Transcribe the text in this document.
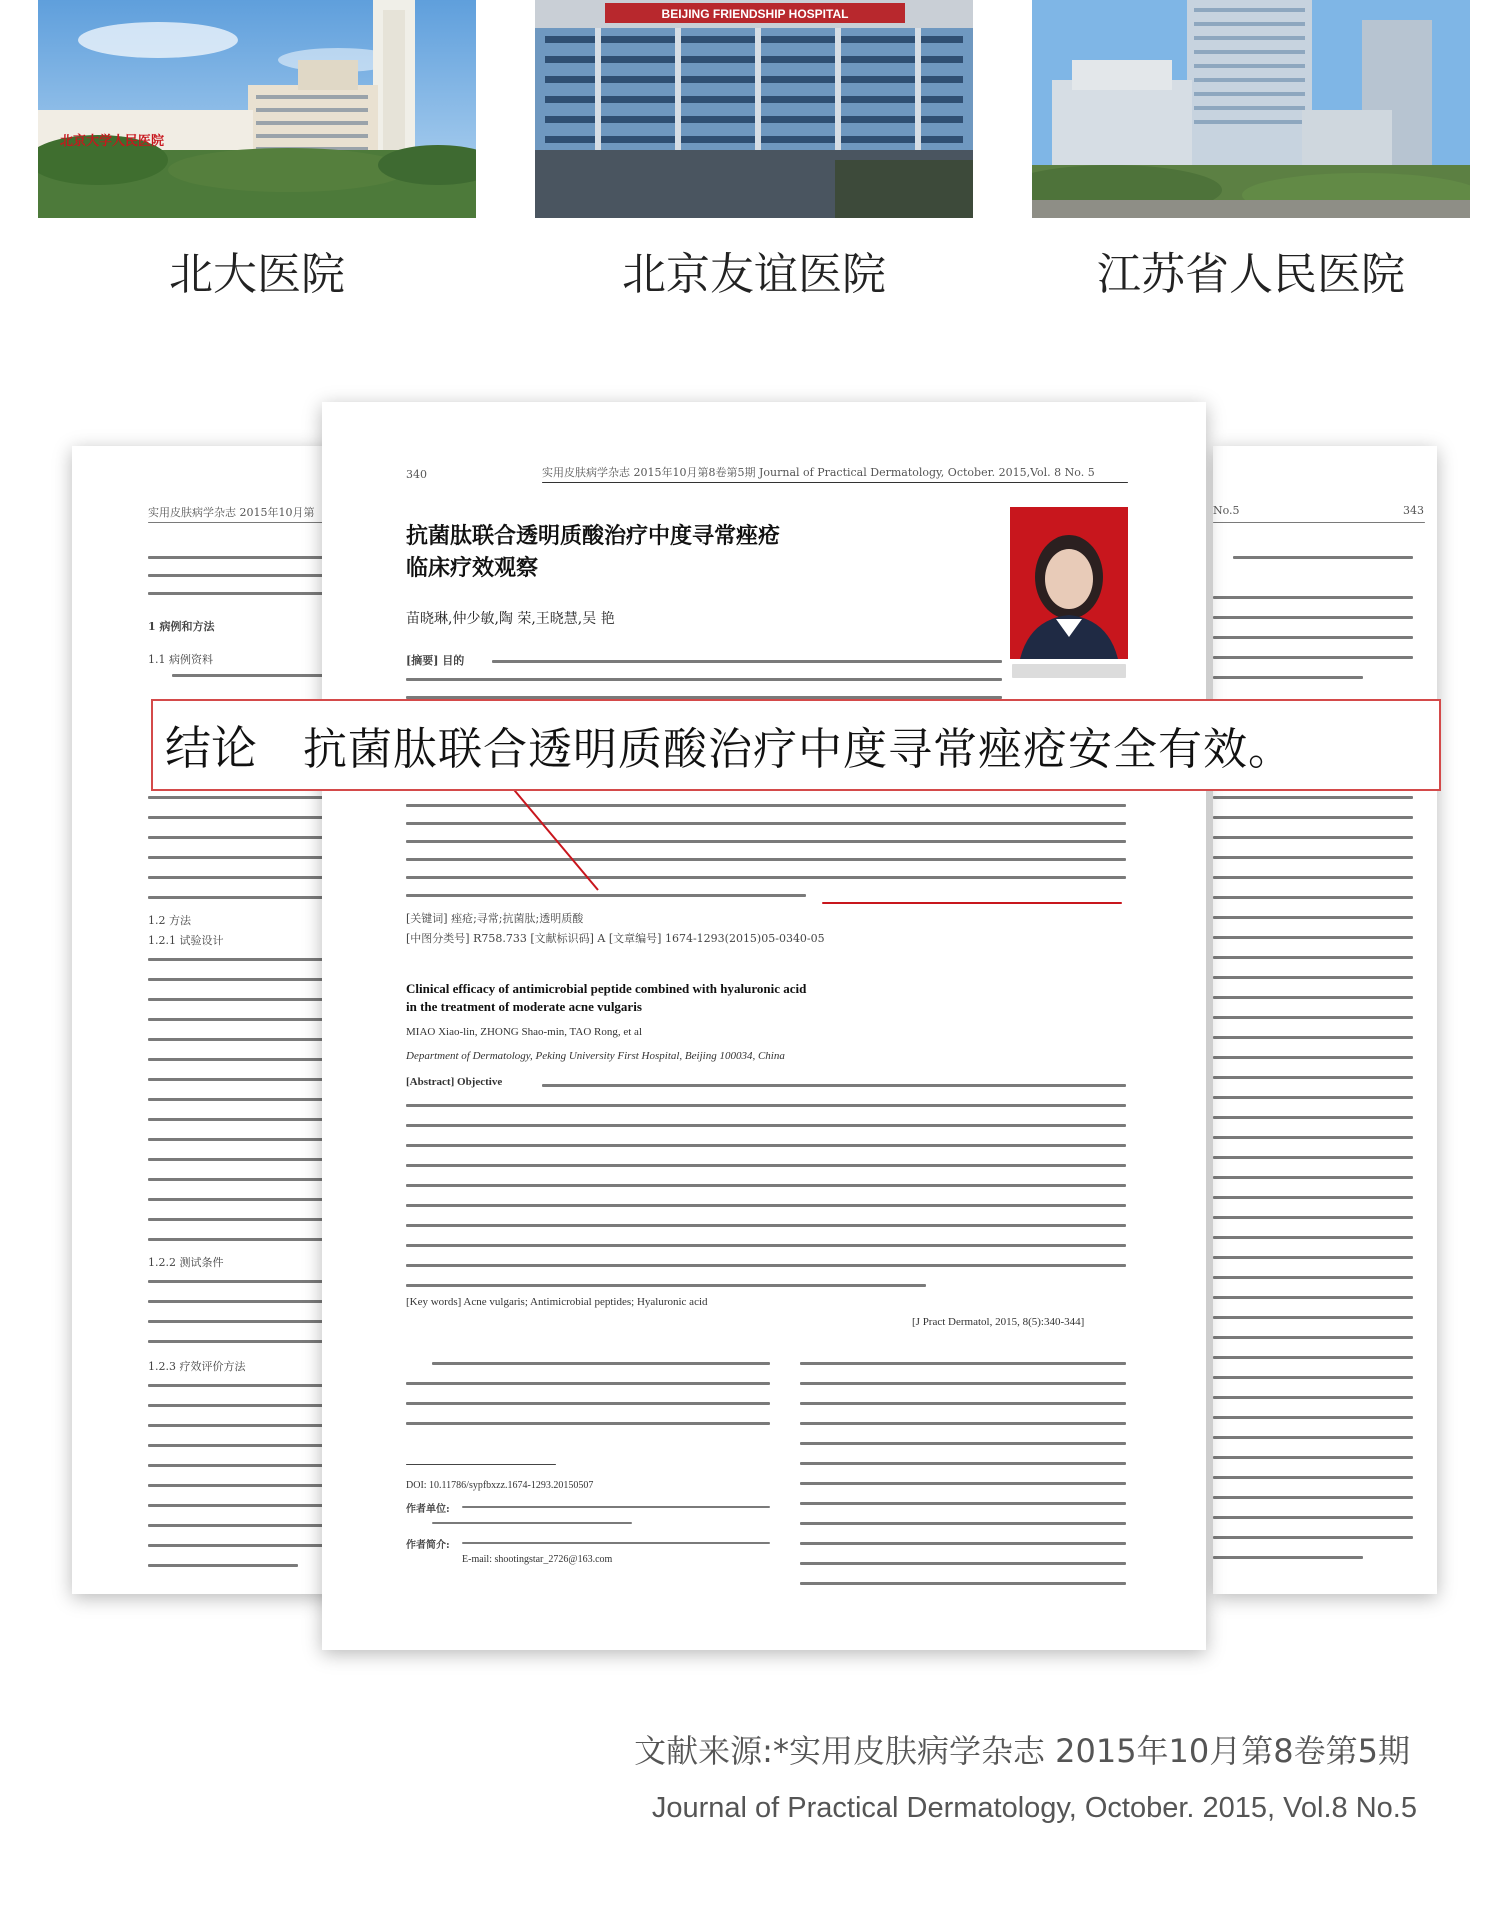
北京大学人民医院
北大医院
BEIJING FRIENDSHIP HOSPITAL
北京友谊医院	江苏省人民医院
实用皮肤病学杂志 2015年10月第
1 病例和方法
1.1 病例资料
1.2 方法
1.2.1 试验设计
1.2.2 测试条件
1.2.3 疗效评价方法
No.5	343
340	实用皮肤病学杂志 2015年10月第8卷第5期 Journal of Practical Dermatology, October. 2015,Vol. 8 No. 5
抗菌肽联合透明质酸治疗中度寻常痤疮
临床疗效观察
苗晓琳,仲少敏,陶 荣,王晓慧,吴 艳
[摘要] 目的
[关键词] 痤疮;寻常;抗菌肽;透明质酸
[中图分类号] R758.733 [文献标识码] A [文章编号] 1674-1293(2015)05-0340-05
Clinical efficacy of antimicrobial peptide combined with hyaluronic acid
in the treatment of moderate acne vulgaris
MIAO Xiao-lin, ZHONG Shao-min, TAO Rong, et al
Department of Dermatology, Peking University First Hospital, Beijing 100034, China
[Abstract] Objective
[Key words] Acne vulgaris; Antimicrobial peptides; Hyaluronic acid
[J Pract Dermatol, 2015, 8(5):340-344]
DOI: 10.11786/sypfbxzz.1674-1293.20150507
作者单位:
作者简介:
E-mail: shootingstar_2726@163.com
结论 抗菌肽联合透明质酸治疗中度寻常痤疮安全有效。
文献来源:*实用皮肤病学杂志 2015年10月第8卷第5期
Journal of Practical Dermatology, October. 2015, Vol.8 No.5
